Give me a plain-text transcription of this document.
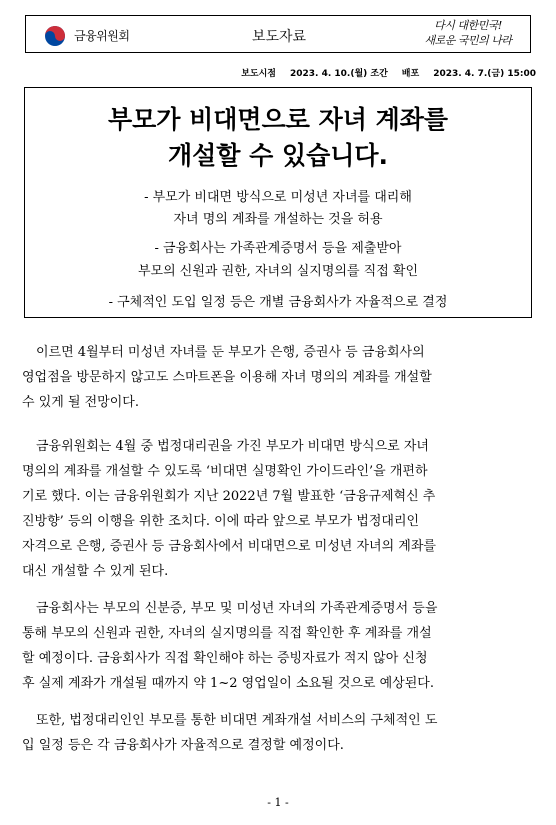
금융위원회	보도자료
다시 대한민국!
새로운 국민의 나라
보도시점 2023. 4. 10.(월) 조간 배포 2023. 4. 7.(금) 15:00
부모가 비대면으로 자녀 계좌를
개설할 수 있습니다.
- 부모가 비대면 방식으로 미성년 자녀를 대리해
자녀 명의 계좌를 개설하는 것을 허용
- 금융회사는 가족관계증명서 등을 제출받아
부모의 신원과 권한, 자녀의 실지명의를 직접 확인
- 구체적인 도입 일정 등은 개별 금융회사가 자율적으로 결정
이르면 4월부터 미성년 자녀를 둔 부모가 은행, 증권사 등 금융회사의
영업점을 방문하지 않고도 스마트폰을 이용해 자녀 명의의 계좌를 개설할
수 있게 될 전망이다.
금융위원회는 4월 중 법정대리권을 가진 부모가 비대면 방식으로 자녀
명의의 계좌를 개설할 수 있도록 ‘비대면 실명확인 가이드라인’을 개편하
기로 했다. 이는 금융위원회가 지난 2022년 7월 발표한 ‘금융규제혁신 추
진방향’ 등의 이행을 위한 조치다. 이에 따라 앞으로 부모가 법정대리인
자격으로 은행, 증권사 등 금융회사에서 비대면으로 미성년 자녀의 계좌를
대신 개설할 수 있게 된다.
금융회사는 부모의 신분증, 부모 및 미성년 자녀의 가족관계증명서 등을
통해 부모의 신원과 권한, 자녀의 실지명의를 직접 확인한 후 계좌를 개설
할 예정이다. 금융회사가 직접 확인해야 하는 증빙자료가 적지 않아 신청
후 실제 계좌가 개설될 때까지 약 1~2 영업일이 소요될 것으로 예상된다.
또한, 법정대리인인 부모를 통한 비대면 계좌개설 서비스의 구체적인 도
입 일정 등은 각 금융회사가 자율적으로 결정할 예정이다.
- 1 -
